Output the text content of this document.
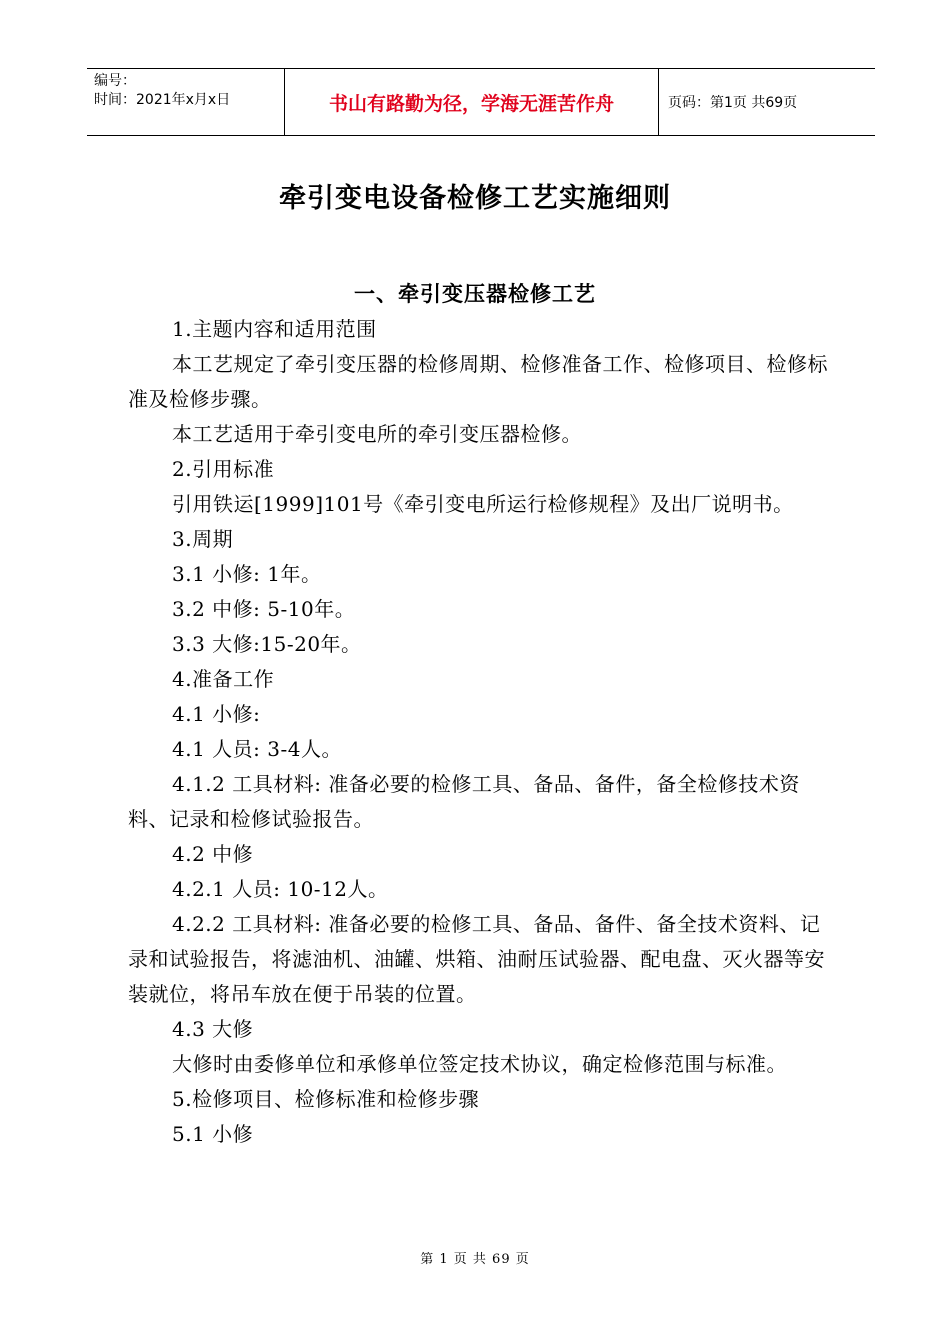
编号：
时间：2021年x月x日	书山有路勤为径，学海无涯苦作舟	页码：第1页 共69页
牵引变电设备检修工艺实施细则
一、牵引变压器检修工艺

1.主题内容和适用范围

本工艺规定了牵引变压器的检修周期、检修准备工作、检修项目、检修标准及检修步骤。

本工艺适用于牵引变电所的牵引变压器检修。

2.引用标准

引用铁运[1999]101号《牵引变电所运行检修规程》及出厂说明书。

3.周期

3.1 小修: 1年。

3.2 中修: 5-10年。

3.3 大修:15-20年。

4.准备工作

4.1 小修:

4.1 人员: 3-4人。

4.1.2 工具材料: 准备必要的检修工具、备品、备件，备全检修技术资料、记录和检修试验报告。

4.2 中修

4.2.1 人员: 10-12人。

4.2.2 工具材料: 准备必要的检修工具、备品、备件、备全技术资料、记录和试验报告，将滤油机、油罐、烘箱、油耐压试验器、配电盘、灭火器等安装就位，将吊车放在便于吊装的位置。

4.3 大修

大修时由委修单位和承修单位签定技术协议，确定检修范围与标准。

5.检修项目、检修标准和检修步骤

5.1 小修

第 1 页 共 69 页
